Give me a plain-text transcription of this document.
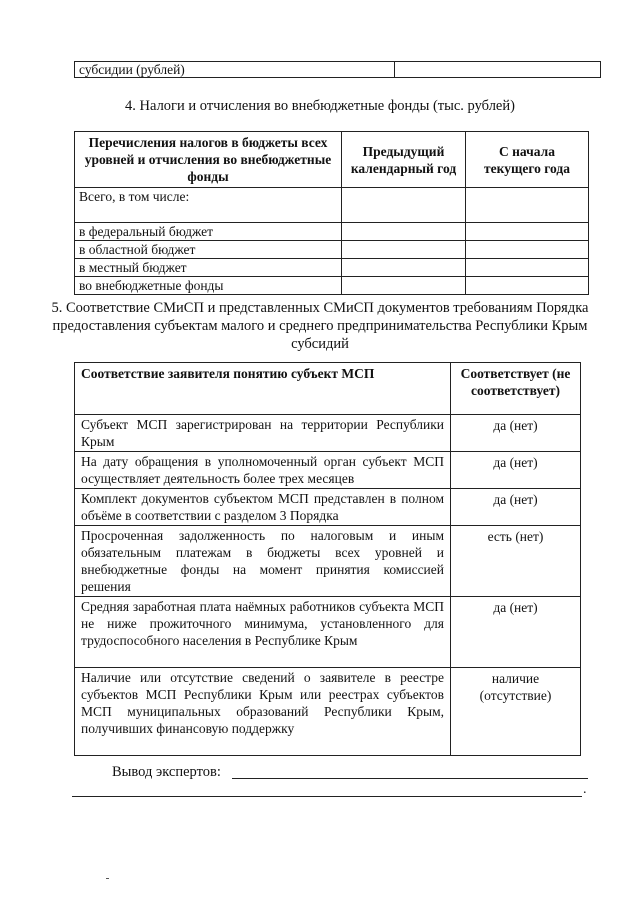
субсидии (рублей)	
4. Налоги и отчисления во внебюджетные фонды (тыс. рублей)
Перечисления налогов в бюджеты всех уровней и отчисления во внебюджетные фонды	Предыдущий календарный год	С начала текущего года
Всего, в том числе:		
в федеральный бюджет		
в областной бюджет		
в местный бюджет		
во внебюджетные фонды		
5. Соответствие СМиСП и представленных СМиСП документов требованиям Порядка предоставления субъектам малого и среднего предпринимательства Республики Крым субсидий
Соответствие заявителя понятию субъект МСП	Соответствует (не соответствует)
Субъект МСП зарегистрирован на территории Республики Крым	да (нет)
На дату обращения в уполномоченный орган субъект МСП осуществляет деятельность более трех месяцев	да (нет)
Комплект документов субъектом МСП представлен в полном объёме в соответствии с разделом 3 Порядка	да (нет)
Просроченная задолженность по налоговым и иным обязательным платежам в бюджеты всех уровней и внебюджетные фонды на момент принятия комиссией решения	есть (нет)
Средняя заработная плата наёмных работников субъекта МСП не ниже прожиточного минимума, установленного для трудоспособного населения в Республике Крым	да (нет)
Наличие или отсутствие сведений о заявителе в реестре субъектов МСП Республики Крым или реестрах субъектов МСП муниципальных образований Республики Крым, получивших финансовую поддержку	наличие (отсутствие)
Вывод экспертов:
.
